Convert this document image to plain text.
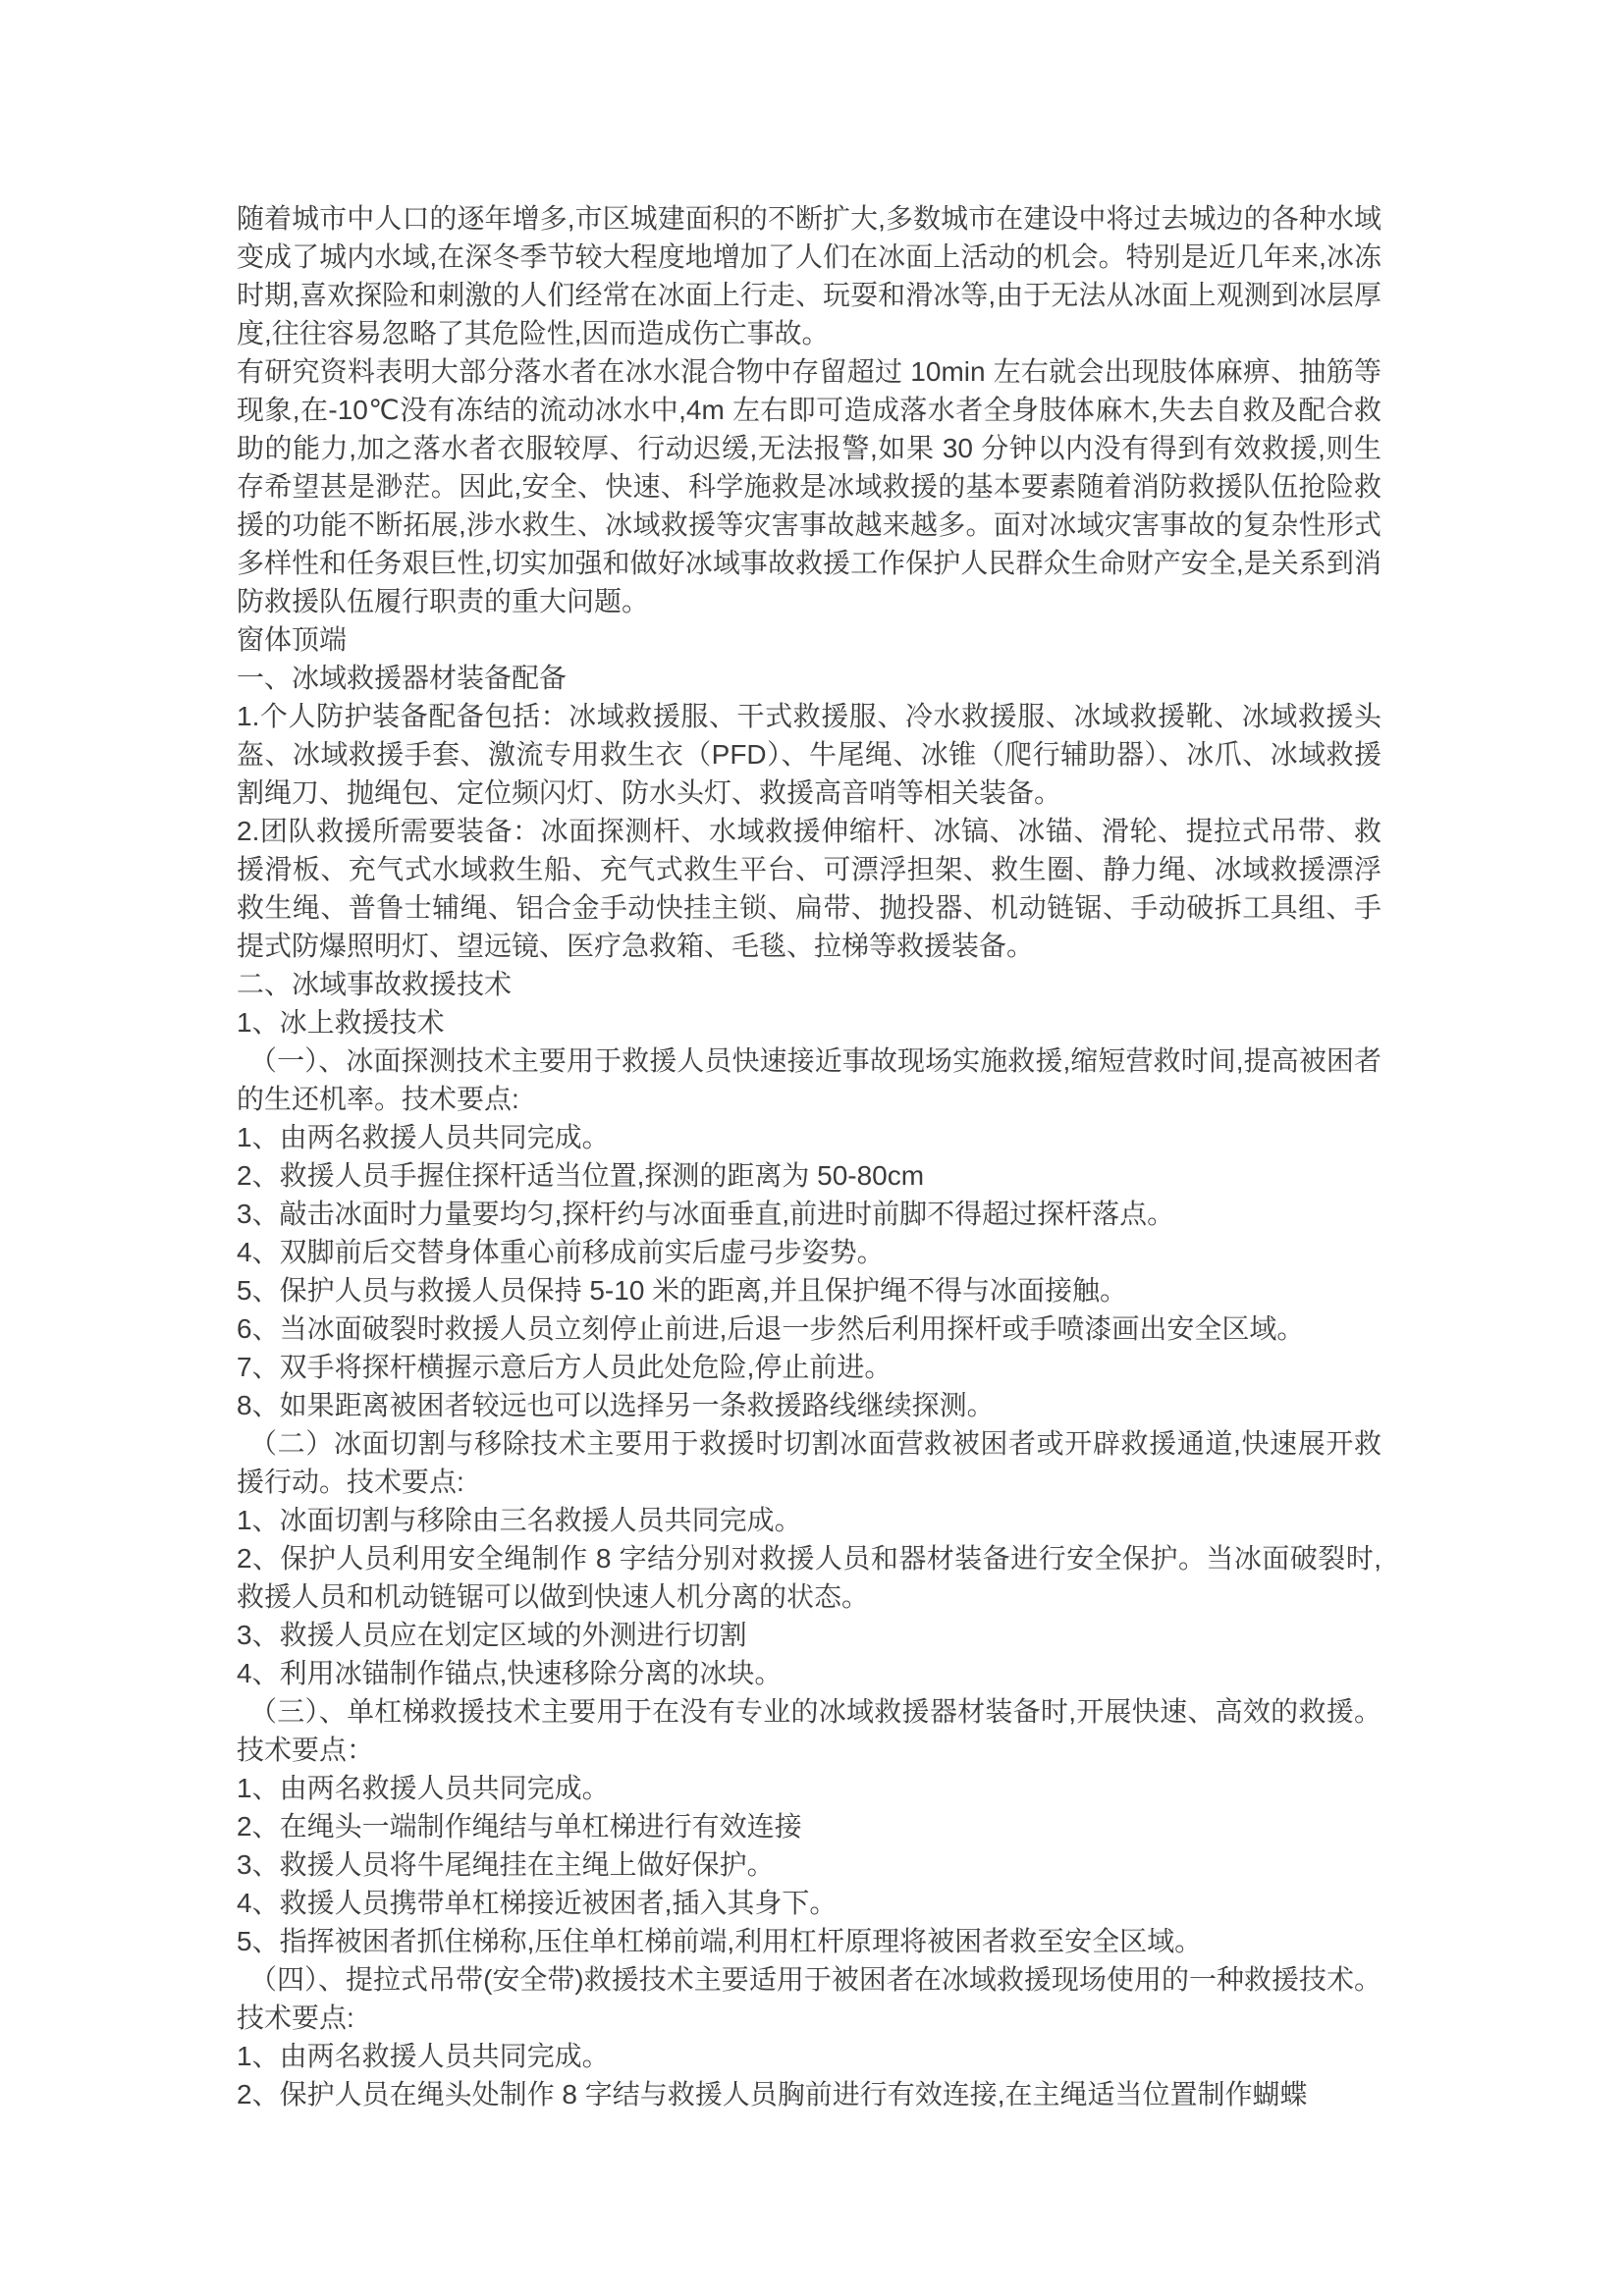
随着城市中人口的逐年增多,市区城建面积的不断扩大,多数城市在建设中将过去城边的各种水域变成了城内水域,在深冬季节较大程度地增加了人们在冰面上活动的机会。特别是近几年来,冰冻时期,喜欢探险和刺激的人们经常在冰面上行走、玩耍和滑冰等,由于无法从冰面上观测到冰层厚度,往往容易忽略了其危险性,因而造成伤亡事故。

有研究资料表明大部分落水者在冰水混合物中存留超过 10min 左右就会出现肢体麻痹、抽筋等现象,在-10℃没有冻结的流动冰水中,4m 左右即可造成落水者全身肢体麻木,失去自救及配合救助的能力,加之落水者衣服较厚、行动迟缓,无法报警,如果 30 分钟以内没有得到有效救援,则生存希望甚是渺茫。因此,安全、快速、科学施救是冰域救援的基本要素随着消防救援队伍抢险救援的功能不断拓展,涉水救生、冰域救援等灾害事故越来越多。面对冰域灾害事故的复杂性形式多样性和任务艰巨性,切实加强和做好冰域事故救援工作保护人民群众生命财产安全,是关系到消防救援队伍履行职责的重大问题。

窗体顶端

一、冰域救援器材装备配备

1.个人防护装备配备包括：冰域救援服、干式救援服、冷水救援服、冰域救援靴、冰域救援头盔、冰域救援手套、激流专用救生衣（PFD）、牛尾绳、冰锥（爬行辅助器）、冰爪、冰域救援割绳刀、抛绳包、定位频闪灯、防水头灯、救援高音哨等相关装备。

2.团队救援所需要装备：冰面探测杆、水域救援伸缩杆、冰镐、冰锚、滑轮、提拉式吊带、救援滑板、充气式水域救生船、充气式救生平台、可漂浮担架、救生圈、静力绳、冰域救援漂浮救生绳、普鲁士辅绳、铝合金手动快挂主锁、扁带、抛投器、机动链锯、手动破拆工具组、手提式防爆照明灯、望远镜、医疗急救箱、毛毯、拉梯等救援装备。

二、冰域事故救援技术

1、冰上救援技术

（一）、冰面探测技术主要用于救援人员快速接近事故现场实施救援,缩短营救时间,提高被困者的生还机率。技术要点:

1、由两名救援人员共同完成。

2、救援人员手握住探杆适当位置,探测的距离为 50-80cm

3、敲击冰面时力量要均匀,探杆约与冰面垂直,前进时前脚不得超过探杆落点。

4、双脚前后交替身体重心前移成前实后虚弓步姿势。

5、保护人员与救援人员保持 5-10 米的距离,并且保护绳不得与冰面接触。

6、当冰面破裂时救援人员立刻停止前进,后退一步然后利用探杆或手喷漆画出安全区域。

7、双手将探杆横握示意后方人员此处危险,停止前进。

8、如果距离被困者较远也可以选择另一条救援路线继续探测。

（二）冰面切割与移除技术主要用于救援时切割冰面营救被困者或开辟救援通道,快速展开救援行动。技术要点:

1、冰面切割与移除由三名救援人员共同完成。

2、保护人员利用安全绳制作 8 字结分别对救援人员和器材装备进行安全保护。当冰面破裂时,救援人员和机动链锯可以做到快速人机分离的状态。

3、救援人员应在划定区域的外测进行切割

4、利用冰锚制作锚点,快速移除分离的冰块。

（三）、单杠梯救援技术主要用于在没有专业的冰域救援器材装备时,开展快速、高效的救援。技术要点：

1、由两名救援人员共同完成。

2、在绳头一端制作绳结与单杠梯进行有效连接

3、救援人员将牛尾绳挂在主绳上做好保护。

4、救援人员携带单杠梯接近被困者,插入其身下。

5、指挥被困者抓住梯称,压住单杠梯前端,利用杠杆原理将被困者救至安全区域。

（四）、提拉式吊带(安全带)救援技术主要适用于被困者在冰域救援现场使用的一种救援技术。技术要点:

1、由两名救援人员共同完成。

2、保护人员在绳头处制作 8 字结与救援人员胸前进行有效连接,在主绳适当位置制作蝴蝶
